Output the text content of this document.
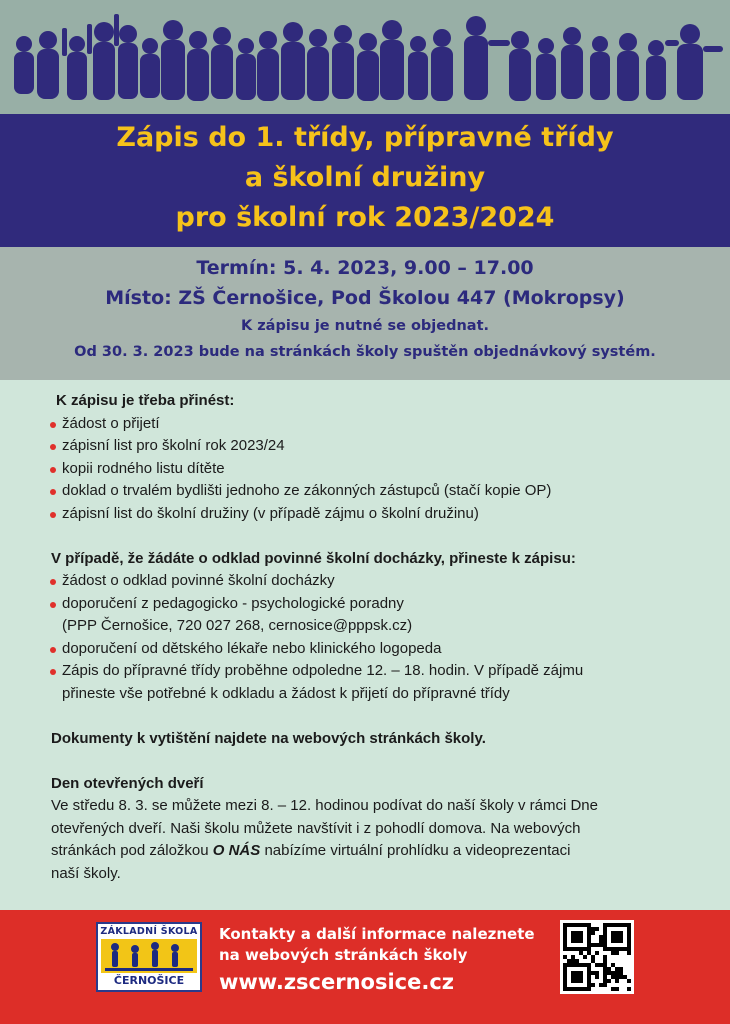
Zápis do 1. třídy, přípravné třídy
a školní družiny
pro školní rok 2023/2024
Termín: 5. 4. 2023, 9.00 – 17.00
Místo: ZŠ Černošice, Pod Školou 447 (Mokropsy)
K zápisu je nutné se objednat.
Od 30. 3. 2023 bude na stránkách školy spuštěn objednávkový systém.

K zápisu je třeba přinést:

žádost o přijetí
zápisní list pro školní rok 2023/24
kopii rodného listu dítěte
doklad o trvalém bydlišti jednoho ze zákonných zástupců (stačí kopie OP)
zápisní list do školní družiny (v případě zájmu o školní družinu)

V případě, že žádáte o odklad povinné školní docházky, přineste k zápisu:

žádost o odklad povinné školní docházky
doporučení z pedagogicko - psychologické poradny
(PPP Černošice, 720 027 268, cernosice@pppsk.cz)
doporučení od dětského lékaře nebo klinického logopeda
Zápis do přípravné třídy proběhne odpoledne 12. – 18. hodin. V případě zájmu
přineste vše potřebné k odkladu a žádost k přijetí do přípravné třídy

Dokumenty k vytištění najdete na webových stránkách školy.

Den otevřených dveří

Ve středu 8. 3. se můžete mezi 8. – 12. hodinou podívat do naší školy v rámci Dne
otevřených dveří. Naši školu můžete navštívit i z pohodlí domova. Na webových
stránkách pod záložkou O NÁS nabízíme virtuální prohlídku a videoprezentaci
naší školy.

ZÁKLADNÍ ŠKOLA
ČERNOŠICE
Kontakty a další informace naleznete
na webových stránkách školy
www.zscernosice.cz
